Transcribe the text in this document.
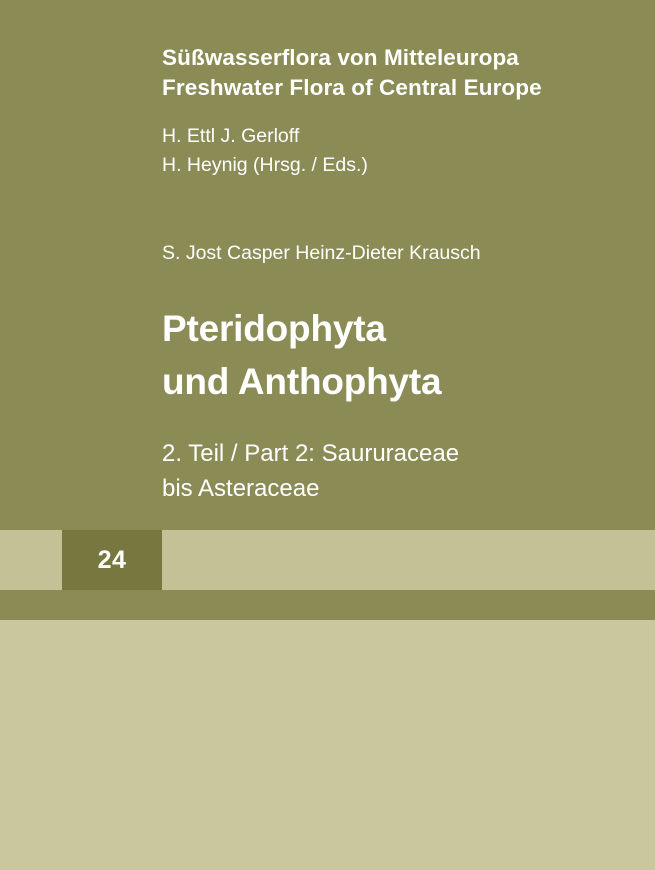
24
Süßwasserflora von Mitteleuropa
Freshwater Flora of Central Europe
H. Ettl J. Gerloff
H. Heynig (Hrsg. / Eds.)
S. Jost Casper Heinz-Dieter Krausch
Pteridophyta
und Anthophyta
2. Teil / Part 2: Saururaceae
bis Asteraceae
